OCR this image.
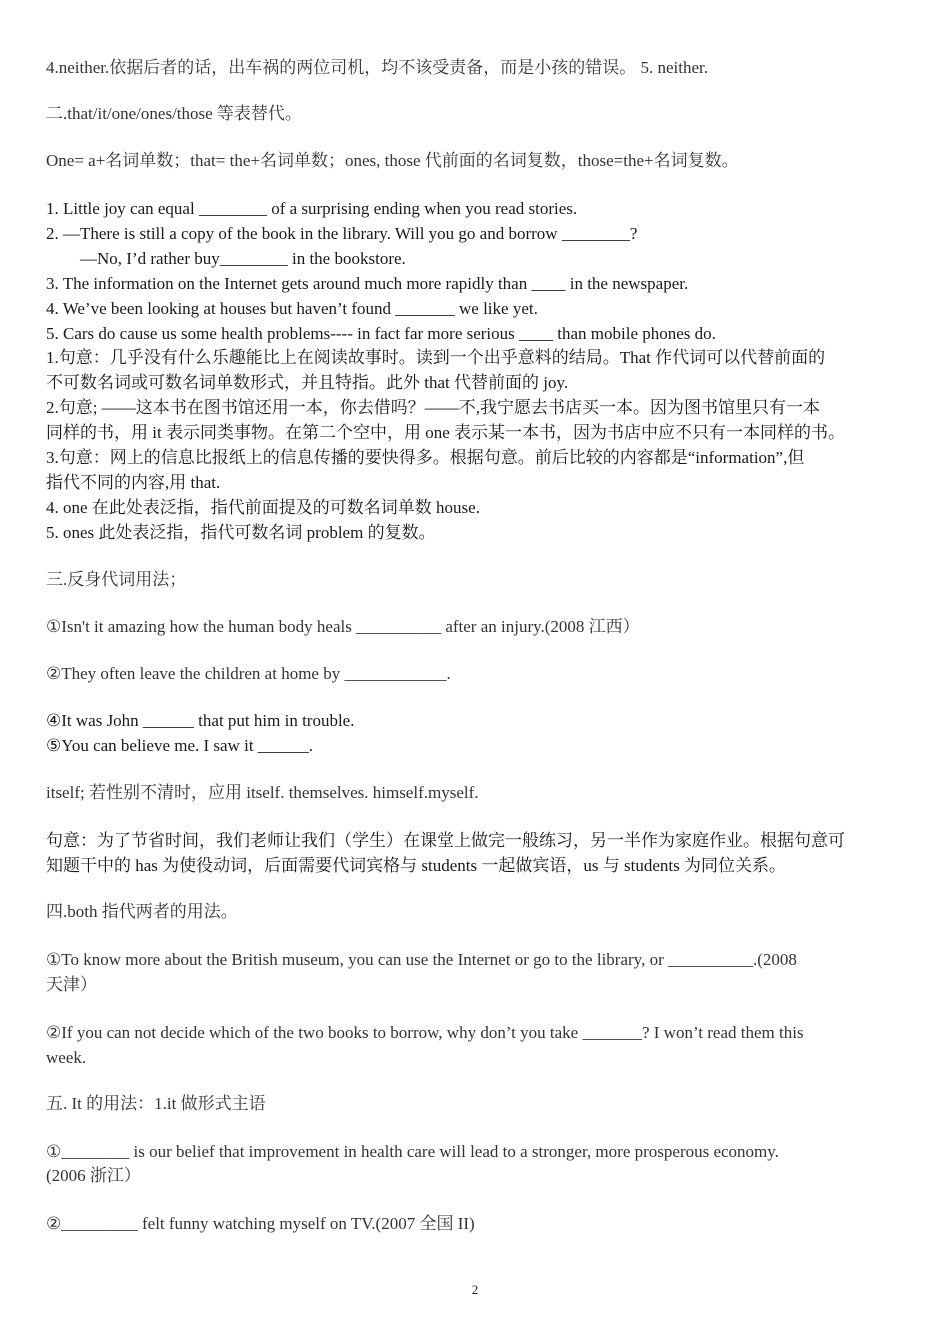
4.neither.依据后者的话，出车祸的两位司机，均不该受责备，而是小孩的错误。 5. neither.
二.that/it/one/ones/those 等表替代。
One= a+名词单数；that= the+名词单数；ones, those 代前面的名词复数，those=the+名词复数。
1. Little joy can equal ________ of a surprising ending when you read stories.
2. —There is still a copy of the book in the library. Will you go and borrow ________?
—No, I’d rather buy________ in the bookstore.
3. The information on the Internet gets around much more rapidly than ____ in the newspaper.
4. We’ve been looking at houses but haven’t found _______ we like yet.
5. Cars do cause us some health problems---- in fact far more serious ____ than mobile phones do.
1.句意：几乎没有什么乐趣能比上在阅读故事时。读到一个出乎意料的结局。That 作代词可以代替前面的
不可数名词或可数名词单数形式，并且特指。此外 that 代替前面的 joy.
2.句意; ——这本书在图书馆还用一本，你去借吗？——不,我宁愿去书店买一本。因为图书馆里只有一本
同样的书，用 it 表示同类事物。在第二个空中，用 one 表示某一本书，因为书店中应不只有一本同样的书。
3.句意：网上的信息比报纸上的信息传播的要快得多。根据句意。前后比较的内容都是“information”,但
指代不同的内容,用 that.
4. one 在此处表泛指，指代前面提及的可数名词单数 house.
5. ones 此处表泛指，指代可数名词 problem 的复数。
三.反身代词用法；
①Isn't it amazing how the human body heals __________ after an injury.(2008 江西）
②They often leave the children at home by ____________.
④It was John ______ that put him in trouble.
⑤You can believe me. I saw it ______.
itself; 若性别不清时，应用 itself. themselves. himself.myself.
句意：为了节省时间，我们老师让我们（学生）在课堂上做完一般练习，另一半作为家庭作业。根据句意可
知题干中的 has 为使役动词，后面需要代词宾格与 students 一起做宾语，us 与 students 为同位关系。
四.both 指代两者的用法。
①To know more about the British museum, you can use the Internet or go to the library, or __________.(2008
天津）
②If you can not decide which of the two books to borrow, why don’t you take _______? I won’t read them this
week.
五. It 的用法：1.it 做形式主语
①________ is our belief that improvement in health care will lead to a stronger, more prosperous economy.
(2006 浙江）
②_________ felt funny watching myself on TV.(2007 全国 II)
2
